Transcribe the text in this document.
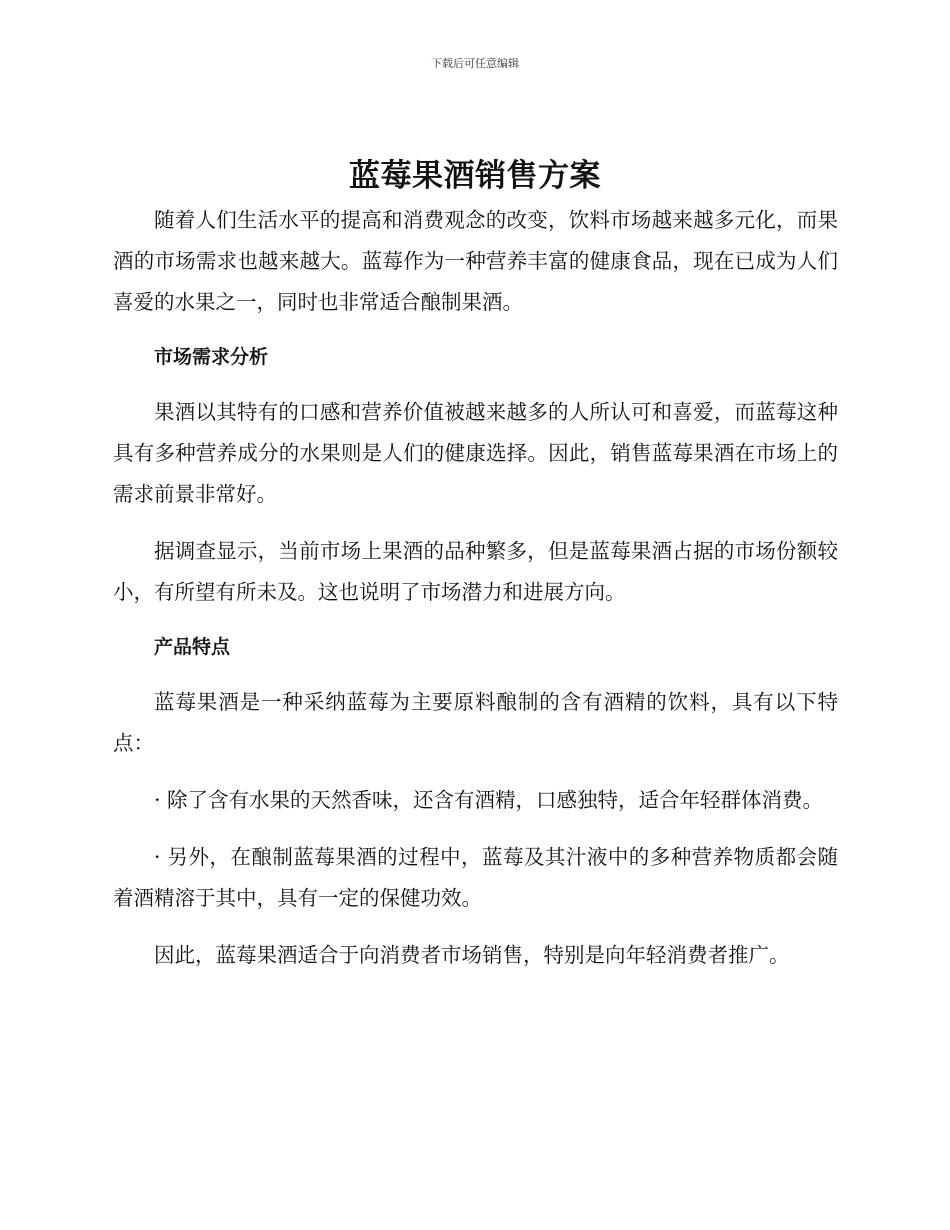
下载后可任意编辑
蓝莓果酒销售方案

随着人们生活水平的提高和消费观念的改变，饮料市场越来越多元化，而果酒的市场需求也越来越大。蓝莓作为一种营养丰富的健康食品，现在已成为人们喜爱的水果之一，同时也非常适合酿制果酒。

市场需求分析

果酒以其特有的口感和营养价值被越来越多的人所认可和喜爱，而蓝莓这种具有多种营养成分的水果则是人们的健康选择。因此，销售蓝莓果酒在市场上的需求前景非常好。

据调查显示，当前市场上果酒的品种繁多，但是蓝莓果酒占据的市场份额较小，有所望有所未及。这也说明了市场潜力和进展方向。

产品特点

蓝莓果酒是一种采纳蓝莓为主要原料酿制的含有酒精的饮料，具有以下特点：

· 除了含有水果的天然香味，还含有酒精，口感独特，适合年轻群体消费。

· 另外，在酿制蓝莓果酒的过程中，蓝莓及其汁液中的多种营养物质都会随着酒精溶于其中，具有一定的保健功效。

因此，蓝莓果酒适合于向消费者市场销售，特别是向年轻消费者推广。
